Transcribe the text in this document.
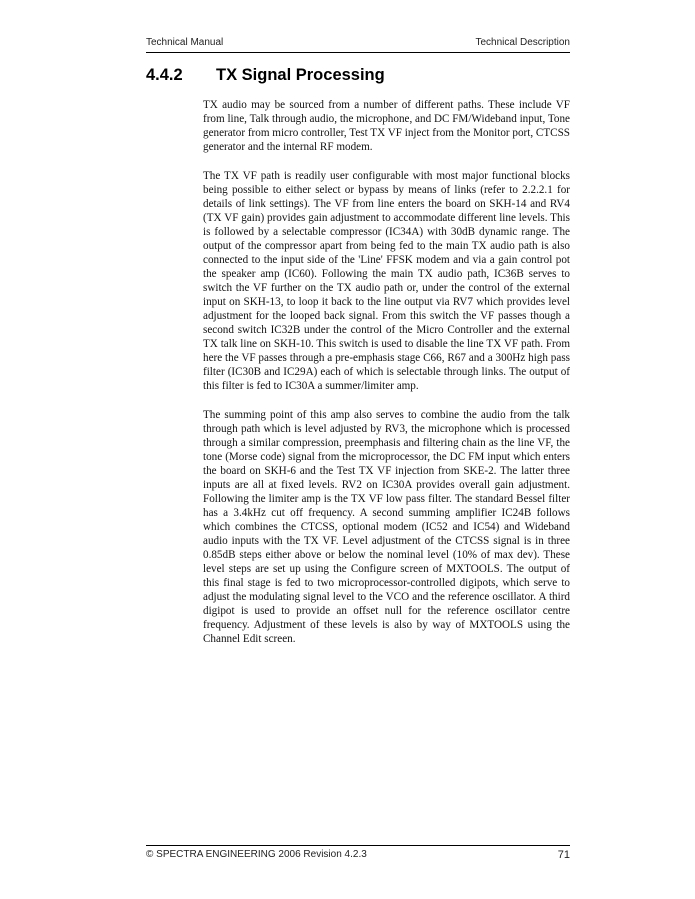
Technical Manual	Technical Description
4.4.2 TX Signal Processing

TX audio may be sourced from a number of different paths. These include VF from line, Talk through audio, the microphone, and DC FM/Wideband input, Tone generator from micro controller, Test TX VF inject from the Monitor port, CTCSS generator and the internal RF modem.

The TX VF path is readily user configurable with most major functional blocks being possible to either select or bypass by means of links (refer to 2.2.2.1 for details of link settings). The VF from line enters the board on SKH-14 and RV4 (TX VF gain) provides gain adjustment to accommodate different line levels. This is followed by a selectable compressor (IC34A) with 30dB dynamic range. The output of the compressor apart from being fed to the main TX audio path is also connected to the input side of the 'Line' FFSK modem and via a gain control pot the speaker amp (IC60). Following the main TX audio path, IC36B serves to switch the VF further on the TX audio path or, under the control of the external input on SKH-13, to loop it back to the line output via RV7 which provides level adjustment for the looped back signal. From this switch the VF passes though a second switch IC32B under the control of the Micro Controller and the external TX talk line on SKH-10. This switch is used to disable the line TX VF path. From here the VF passes through a pre-emphasis stage C66, R67 and a 300Hz high pass filter (IC30B and IC29A) each of which is selectable through links. The output of this filter is fed to IC30A a summer/limiter amp.

The summing point of this amp also serves to combine the audio from the talk through path which is level adjusted by RV3, the microphone which is processed through a similar compression, preemphasis and filtering chain as the line VF, the tone (Morse code) signal from the microprocessor, the DC FM input which enters the board on SKH-6 and the Test TX VF injection from SKE-2. The latter three inputs are all at fixed levels. RV2 on IC30A provides overall gain adjustment. Following the limiter amp is the TX VF low pass filter. The standard Bessel filter has a 3.4kHz cut off frequency. A second summing amplifier IC24B follows which combines the CTCSS, optional modem (IC52 and IC54) and Wideband audio inputs with the TX VF. Level adjustment of the CTCSS signal is in three 0.85dB steps either above or below the nominal level (10% of max dev). These level steps are set up using the Configure screen of MXTOOLS. The output of this final stage is fed to two microprocessor-controlled digipots, which serve to adjust the modulating signal level to the VCO and the reference oscillator. A third digipot is used to provide an offset null for the reference oscillator centre frequency. Adjustment of these levels is also by way of MXTOOLS using the Channel Edit screen.

© SPECTRA ENGINEERING 2006 Revision 4.2.3	71
